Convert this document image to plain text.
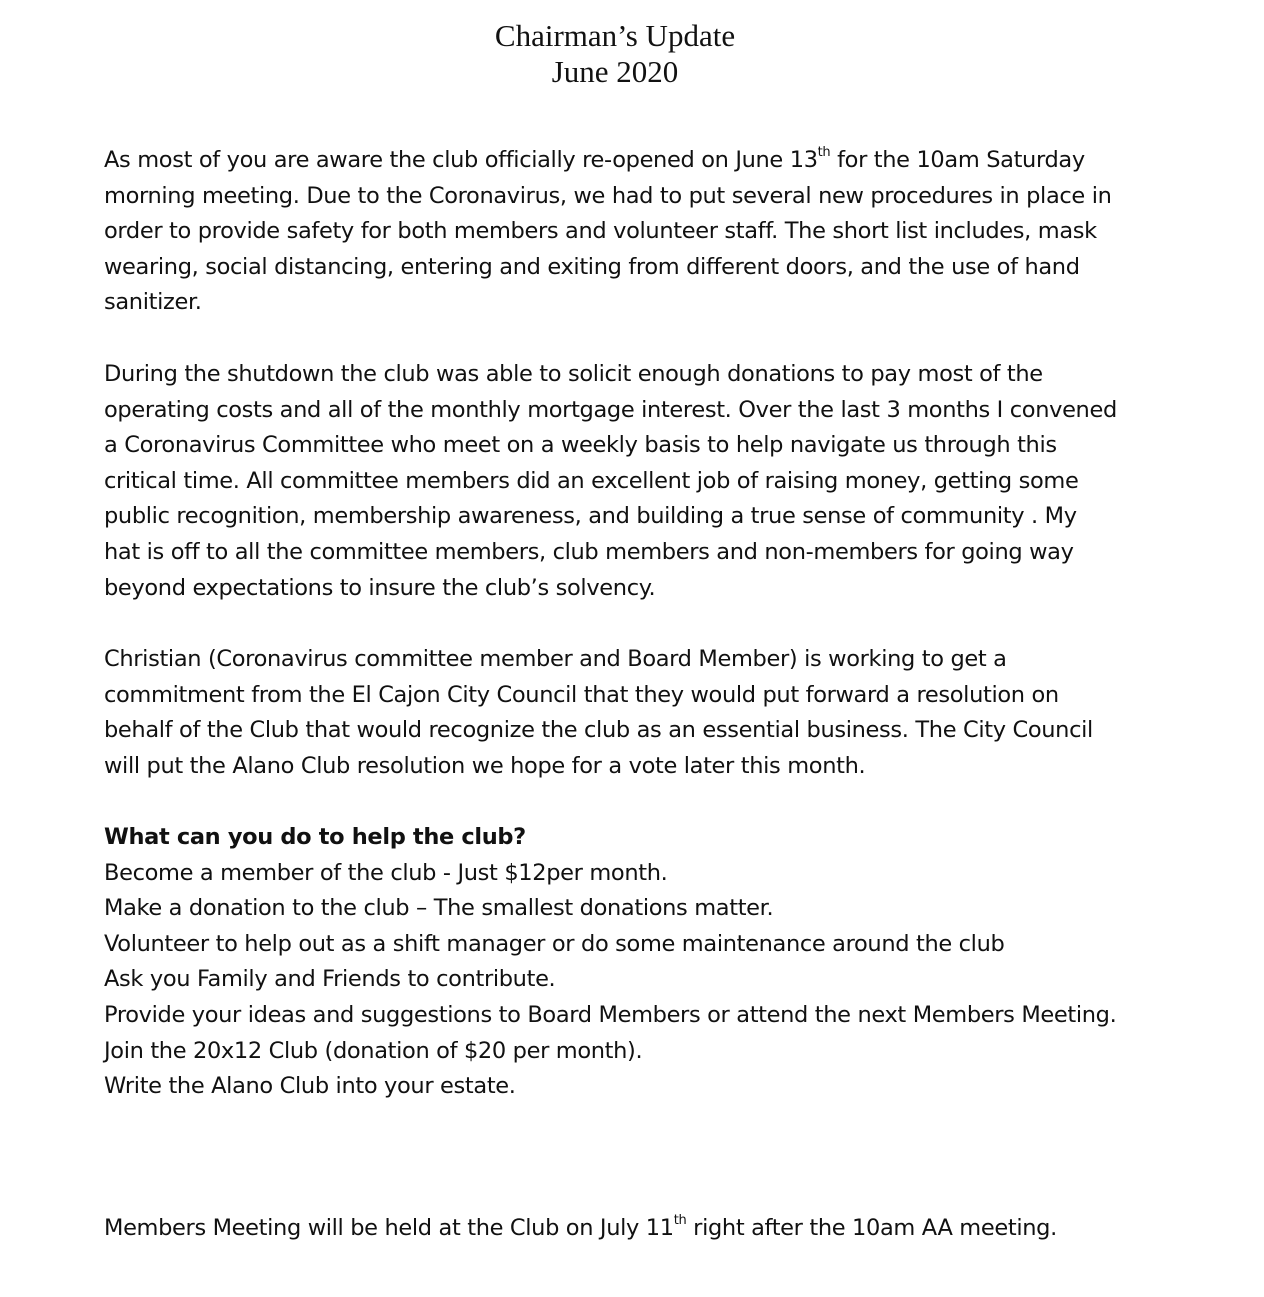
Chairman’s Update
June 2020
As most of you are aware the club officially re-opened on June 13th for the 10am Saturday
morning meeting. Due to the Coronavirus, we had to put several new procedures in place in
order to provide safety for both members and volunteer staff. The short list includes, mask
wearing, social distancing, entering and exiting from different doors, and the use of hand
sanitizer.
During the shutdown the club was able to solicit enough donations to pay most of the
operating costs and all of the monthly mortgage interest. Over the last 3 months I convened
a Coronavirus Committee who meet on a weekly basis to help navigate us through this
critical time. All committee members did an excellent job of raising money, getting some
public recognition, membership awareness, and building a true sense of community . My
hat is off to all the committee members, club members and non-members for going way
beyond expectations to insure the club’s solvency.
Christian (Coronavirus committee member and Board Member) is working to get a
commitment from the El Cajon City Council that they would put forward a resolution on
behalf of the Club that would recognize the club as an essential business. The City Council
will put the Alano Club resolution we hope for a vote later this month.
What can you do to help the club?
Become a member of the club - Just $12per month.
Make a donation to the club – The smallest donations matter.
Volunteer to help out as a shift manager or do some maintenance around the club
Ask you Family and Friends to contribute.
Provide your ideas and suggestions to Board Members or attend the next Members Meeting.
Join the 20x12 Club (donation of $20 per month).
Write the Alano Club into your estate.
Members Meeting will be held at the Club on July 11th right after the 10am AA meeting.
